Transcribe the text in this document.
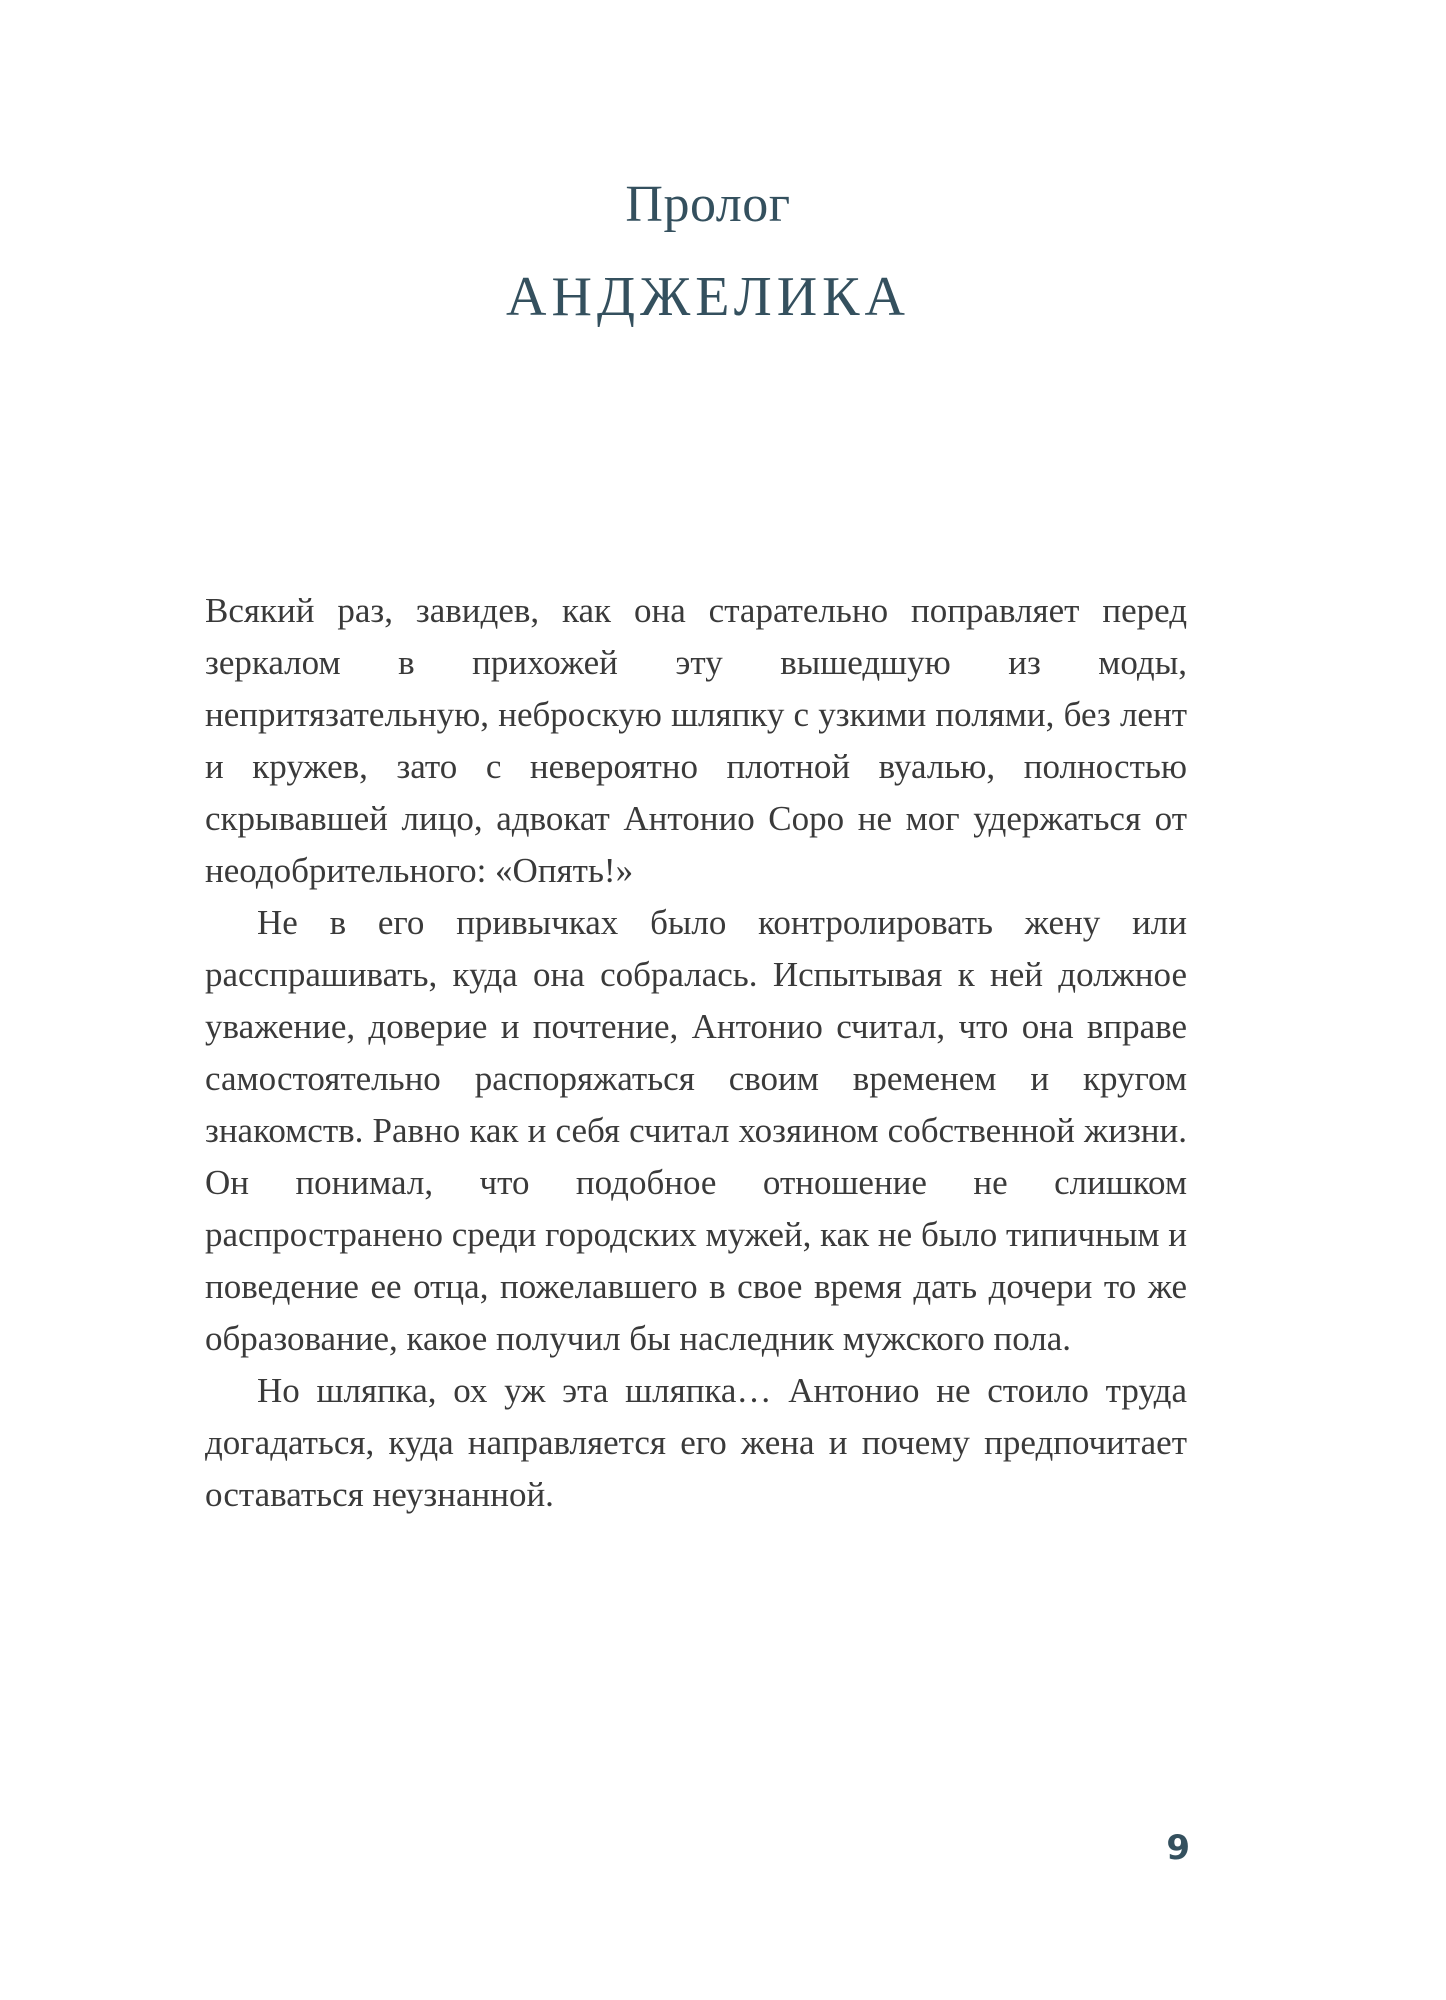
Пролог
АНДЖЕЛИКА

Всякий раз, завидев, как она старательно поправляет перед зеркалом в прихожей эту вышедшую из моды, непритязательную, неброскую шляпку с узкими полями, без лент и кружев, зато с невероятно плотной вуалью, полностью скрывавшей лицо, адвокат Антонио Соро не мог удержаться от неодобрительного: «Опять!»

Не в его привычках было контролировать жену или расспрашивать, куда она собралась. Испытывая к ней должное уважение, доверие и почтение, Антонио считал, что она вправе самостоятельно распоряжаться своим временем и кругом знакомств. Равно как и себя считал хозяином собственной жизни. Он понимал, что подобное отношение не слишком распространено среди городских мужей, как не было типичным и поведение ее отца, пожелавшего в свое время дать дочери то же образование, какое получил бы наследник мужского пола.

Но шляпка, ох уж эта шляпка… Антонио не стоило труда догадаться, куда направляется его жена и почему предпочитает оставаться неузнанной.

9
